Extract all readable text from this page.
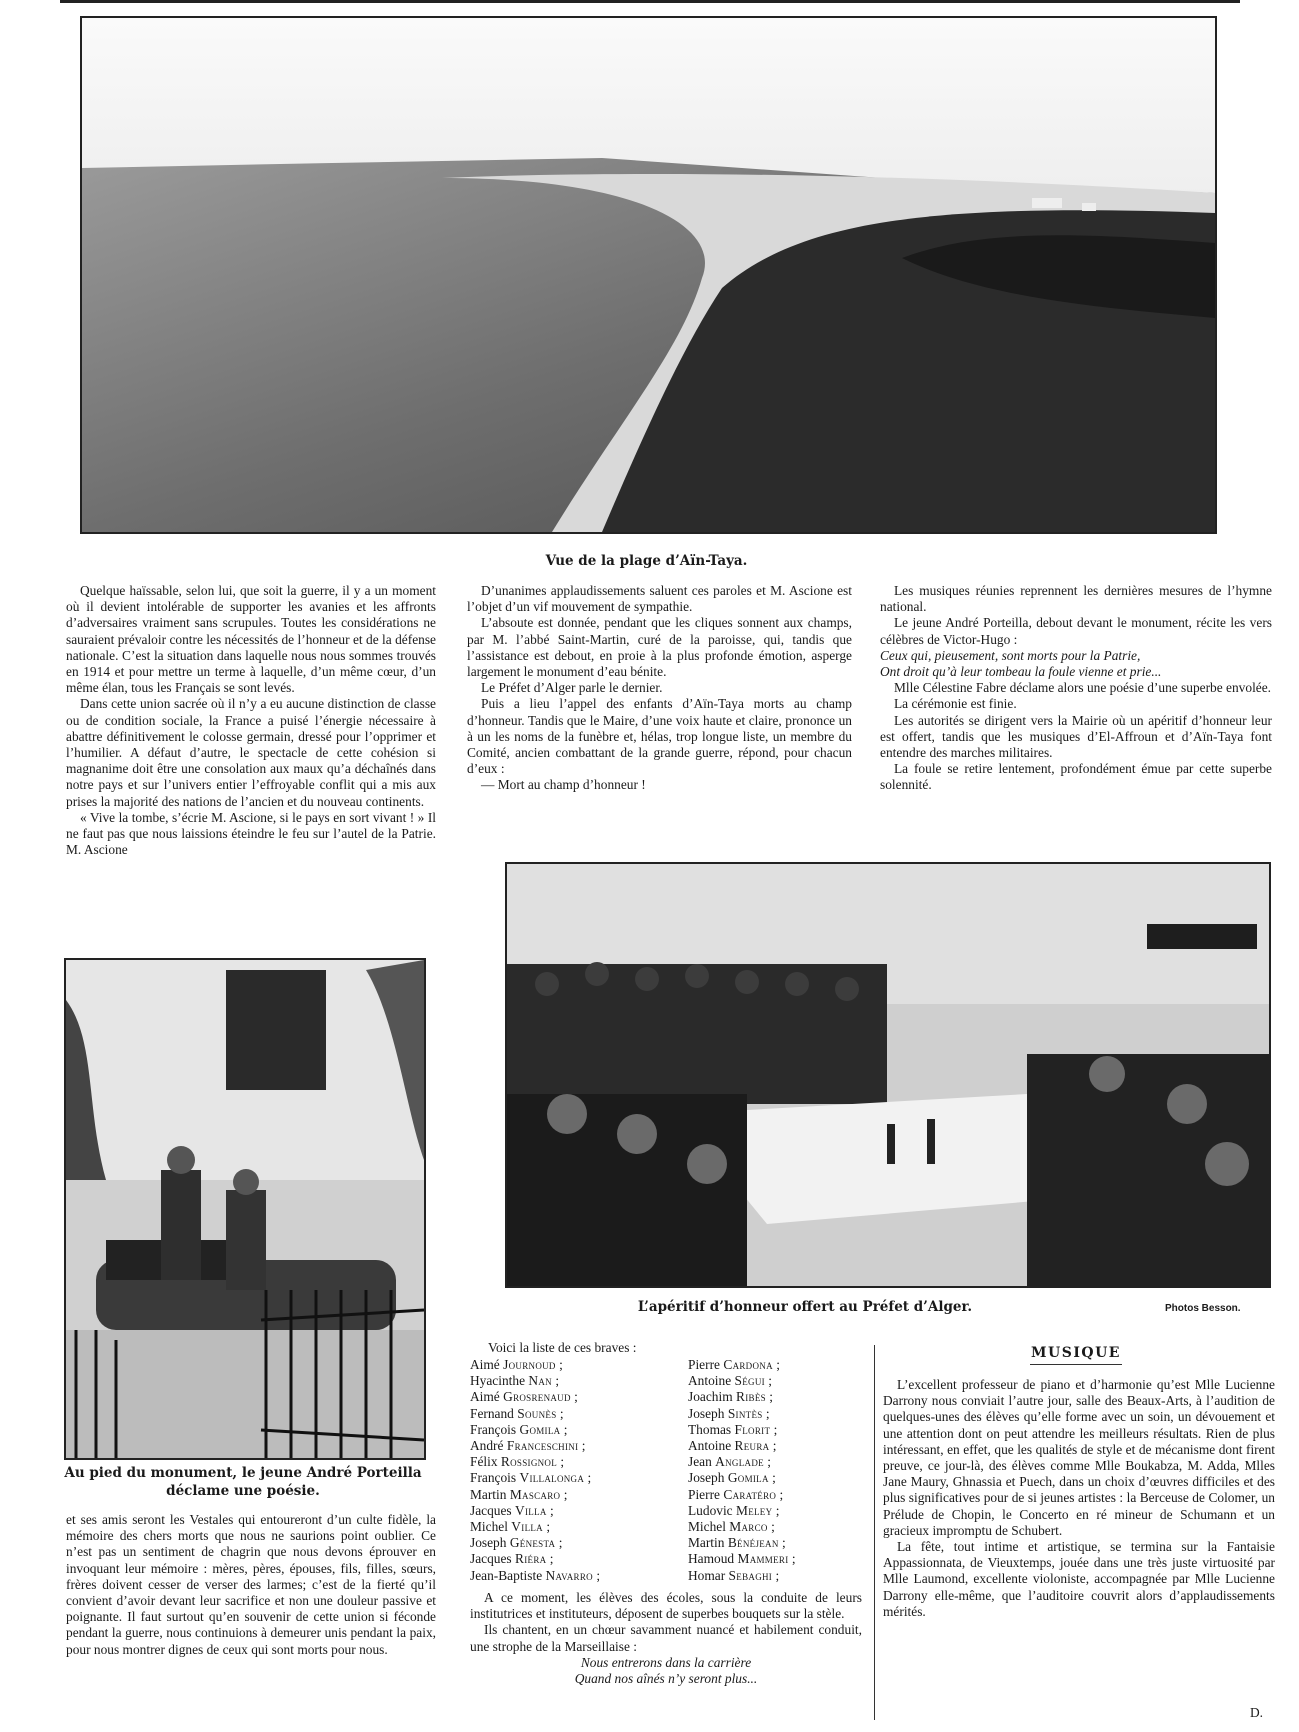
Vue de la plage d’Aïn-Taya.

Quelque haïssable, selon lui, que soit la guerre, il y a un moment où il devient intolérable de supporter les avanies et les affronts d’adversaires vraiment sans scrupules. Toutes les considérations ne sauraient prévaloir contre les nécessités de l’honneur et de la défense nationale. C’est la situation dans laquelle nous nous sommes trouvés en 1914 et pour mettre un terme à laquelle, d’un même cœur, d’un même élan, tous les Français se sont levés.

Dans cette union sacrée où il n’y a eu aucune distinction de classe ou de condition sociale, la France a puisé l’énergie nécessaire à abattre définitivement le colosse germain, dressé pour l’opprimer et l’humilier. A défaut d’autre, le spectacle de cette cohésion si magnanime doit être une consolation aux maux qu’a déchaînés dans notre pays et sur l’univers entier l’effroyable conflit qui a mis aux prises la majorité des nations de l’ancien et du nouveau continents.

« Vive la tombe, s’écrie M. Ascione, si le pays en sort vivant ! » Il ne faut pas que nous laissions éteindre le feu sur l’autel de la Patrie. M. Ascione

D’unanimes applaudissements saluent ces paroles et M. Ascione est l’objet d’un vif mouvement de sympathie.

L’absoute est donnée, pendant que les cliques sonnent aux champs, par M. l’abbé Saint-Martin, curé de la paroisse, qui, tandis que l’assistance est debout, en proie à la plus profonde émotion, asperge largement le monument d’eau bénite.

Le Préfet d’Alger parle le dernier.

Puis a lieu l’appel des enfants d’Aïn-Taya morts au champ d’honneur. Tandis que le Maire, d’une voix haute et claire, prononce un à un les noms de la funèbre et, hélas, trop longue liste, un membre du Comité, ancien combattant de la grande guerre, répond, pour chacun d’eux :

— Mort au champ d’honneur !

Les musiques réunies reprennent les dernières mesures de l’hymne national.

Le jeune André Porteilla, debout devant le monument, récite les vers célèbres de Victor-Hugo :

Ceux qui, pieusement, sont morts pour la Patrie,

Ont droit qu’à leur tombeau la foule vienne et prie...

Mlle Célestine Fabre déclame alors une poésie d’une superbe envolée.

La cérémonie est finie.

Les autorités se dirigent vers la Mairie où un apéritif d’honneur leur est offert, tandis que les musiques d’El-Affroun et d’Aïn-Taya font entendre des marches militaires.

La foule se retire lentement, profondément émue par cette superbe solennité.

Au pied du monument, le jeune André Porteilla
déclame une poésie.

et ses amis seront les Vestales qui entoureront d’un culte fidèle, la mémoire des chers morts que nous ne saurions point oublier. Ce n’est pas un sentiment de chagrin que nous devons éprouver en invoquant leur mémoire : mères, pères, épouses, fils, filles, sœurs, frères doivent cesser de verser des larmes; c’est de la fierté qu’il convient d’avoir devant leur sacrifice et non une douleur passive et poignante. Il faut surtout qu’en souvenir de cette union si féconde pendant la guerre, nous continuions à demeurer unis pendant la paix, pour nous montrer dignes de ceux qui sont morts pour nous.

L’apéritif d’honneur offert au Préfet d’Alger.	Photos Besson.
Voici la liste de ces braves :
Aimé Journoud ;
Hyacinthe Nan ;
Aimé Grosrenaud ;
Fernand Sounès ;
François Gomila ;
André Franceschini ;
Félix Rossignol ;
François Villalonga ;
Martin Mascaro ;
Jacques Villa ;
Michel Villa ;
Joseph Génesta ;
Jacques Riéra ;
Jean-Baptiste Navarro ;
Pierre Cardona ;
Antoine Ségui ;
Joachim Ribès ;
Joseph Sintès ;
Thomas Florit ;
Antoine Reura ;
Jean Anglade ;
Joseph Gomila ;
Pierre Caratéro ;
Ludovic Meley ;
Michel Marco ;
Martin Bénéjean ;
Hamoud Mammeri ;
Homar Sebaghi ;

A ce moment, les élèves des écoles, sous la conduite de leurs institutrices et instituteurs, déposent de superbes bouquets sur la stèle.

Ils chantent, en un chœur savamment nuancé et habilement conduit, une strophe de la Marseillaise :

Nous entrerons dans la carrière

Quand nos aînés n’y seront plus...

MUSIQUE

L’excellent professeur de piano et d’harmonie qu’est Mlle Lucienne Darrony nous conviait l’autre jour, salle des Beaux-Arts, à l’audition de quelques-unes des élèves qu’elle forme avec un soin, un dévouement et une attention dont on peut attendre les meilleurs résultats. Rien de plus intéressant, en effet, que les qualités de style et de mécanisme dont firent preuve, ce jour-là, des élèves comme Mlle Boukabza, M. Adda, Mlles Jane Maury, Ghnassia et Puech, dans un choix d’œuvres difficiles et des plus significatives pour de si jeunes artistes : la Berceuse de Colomer, un Prélude de Chopin, le Concerto en ré mineur de Schumann et un gracieux impromptu de Schubert.

La fête, tout intime et artistique, se termina sur la Fantaisie Appassionnata, de Vieuxtemps, jouée dans une très juste virtuosité par Mlle Laumond, excellente violoniste, accompagnée par Mlle Lucienne Darrony elle-même, que l’auditoire couvrit alors d’applaudissements mérités.

D.
